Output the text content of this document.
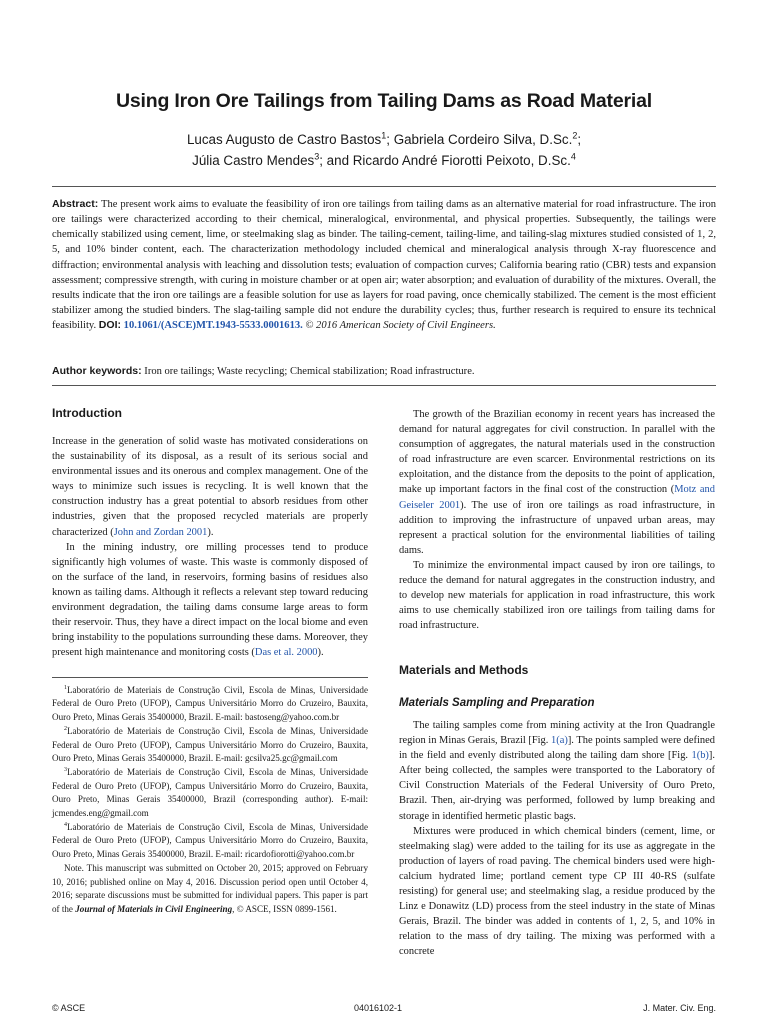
Using Iron Ore Tailings from Tailing Dams as Road Material
Lucas Augusto de Castro Bastos$^1$; Gabriela Cordeiro Silva, D.Sc.$^2$;
Júlia Castro Mendes$^3$; and Ricardo André Fiorotti Peixoto, D.Sc.$^4$
Abstract: The present work aims to evaluate the feasibility of iron ore tailings from tailing dams as an alternative material for road infrastructure. The iron ore tailings were characterized according to their chemical, mineralogical, environmental, and physical properties. Subsequently, the tailings were chemically stabilized using cement, lime, or steelmaking slag as binder. The tailing-cement, tailing-lime, and tailing-slag mixtures studied consisted of 1, 2, 5, and 10% binder content, each. The characterization methodology included chemical and mineralogical analysis through X-ray fluorescence and diffraction; environmental analysis with leaching and dissolution tests; evaluation of compaction curves; California bearing ratio (CBR) tests and expansion assessment; compressive strength, with curing in moisture chamber or at open air; water absorption; and evaluation of durability of the mixtures. Overall, the results indicate that the iron ore tailings are a feasible solution for use as layers for road paving, once chemically stabilized. The cement is the most efficient stabilizer among the studied binders. The slag-tailing sample did not endure the durability cycles; thus, further research is required to ensure its technical feasibility. DOI: 10.1061/(ASCE)MT.1943-5533.0001613. © 2016 American Society of Civil Engineers.
Author keywords: Iron ore tailings; Waste recycling; Chemical stabilization; Road infrastructure.
Introduction

Increase in the generation of solid waste has motivated considerations on the sustainability of its disposal, as a result of its serious social and environmental issues and its onerous and complex management. One of the ways to minimize such issues is recycling. It is well known that the construction industry has a great potential to absorb residues from other industries, given that the proposed recycled materials are properly characterized (John and Zordan 2001).

In the mining industry, ore milling processes tend to produce significantly high volumes of waste. This waste is commonly disposed of on the surface of the land, in reservoirs, forming basins of residues also known as tailing dams. Although it reflects a relevant step toward reducing environment degradation, the tailing dams consume large areas to form their reservoir. Thus, they have a direct impact on the local biome and even bring instability to the populations surrounding these dams. Moreover, they present high maintenance and monitoring costs (Das et al. 2000).

$^1$Laboratório de Materiais de Construção Civil, Escola de Minas, Universidade Federal de Ouro Preto (UFOP), Campus Universitário Morro do Cruzeiro, Bauxita, Ouro Preto, Minas Gerais 35400000, Brazil. E-mail: bastoseng@yahoo.com.br

$^2$Laboratório de Materiais de Construção Civil, Escola de Minas, Universidade Federal de Ouro Preto (UFOP), Campus Universitário Morro do Cruzeiro, Bauxita, Ouro Preto, Minas Gerais 35400000, Brazil. E-mail: gcsilva25.gc@gmail.com

$^3$Laboratório de Materiais de Construção Civil, Escola de Minas, Universidade Federal de Ouro Preto (UFOP), Campus Universitário Morro do Cruzeiro, Bauxita, Ouro Preto, Minas Gerais 35400000, Brazil (corresponding author). E-mail: jcmendes.eng@gmail.com

$^4$Laboratório de Materiais de Construção Civil, Escola de Minas, Universidade Federal de Ouro Preto (UFOP), Campus Universitário Morro do Cruzeiro, Bauxita, Ouro Preto, Minas Gerais 35400000, Brazil. E-mail: ricardofiorotti@yahoo.com.br

Note. This manuscript was submitted on October 20, 2015; approved on February 10, 2016; published online on May 4, 2016. Discussion period open until October 4, 2016; separate discussions must be submitted for individual papers. This paper is part of the Journal of Materials in Civil Engineering, © ASCE, ISSN 0899-1561.

The growth of the Brazilian economy in recent years has increased the demand for natural aggregates for civil construction. In parallel with the consumption of aggregates, the natural materials used in the construction of road infrastructure are even scarcer. Environmental restrictions on its exploitation, and the distance from the deposits to the point of application, make up important factors in the final cost of the construction (Motz and Geiseler 2001). The use of iron ore tailings as road infrastructure, in addition to improving the infrastructure of unpaved urban areas, may represent a practical solution for the environmental liabilities of tailing dams.

To minimize the environmental impact caused by iron ore tailings, to reduce the demand for natural aggregates in the construction industry, and to develop new materials for application in road infrastructure, this work aims to use chemically stabilized iron ore tailings from tailing dams for road infrastructure.

Materials and Methods
Materials Sampling and Preparation

The tailing samples come from mining activity at the Iron Quadrangle region in Minas Gerais, Brazil [Fig. 1(a)]. The points sampled were defined in the field and evenly distributed along the tailing dam shore [Fig. 1(b)]. After being collected, the samples were transported to the Laboratory of Civil Construction Materials of the Federal University of Ouro Preto, Brazil. Then, air-drying was performed, followed by lump breaking and storage in identified hermetic plastic bags.

Mixtures were produced in which chemical binders (cement, lime, or steelmaking slag) were added to the tailing for its use as aggregate in the production of layers of road paving. The chemical binders used were high-calcium hydrated lime; portland cement type CP III 40-RS (sulfate resisting) for general use; and steelmaking slag, a residue produced by the Linz e Donawitz (LD) process from the steel industry in the state of Minas Gerais, Brazil. The binder was added in contents of 1, 2, 5, and 10% in relation to the mass of dry tailing. The mixing was performed with a concrete

© ASCE	04016102-1	J. Mater. Civ. Eng.
